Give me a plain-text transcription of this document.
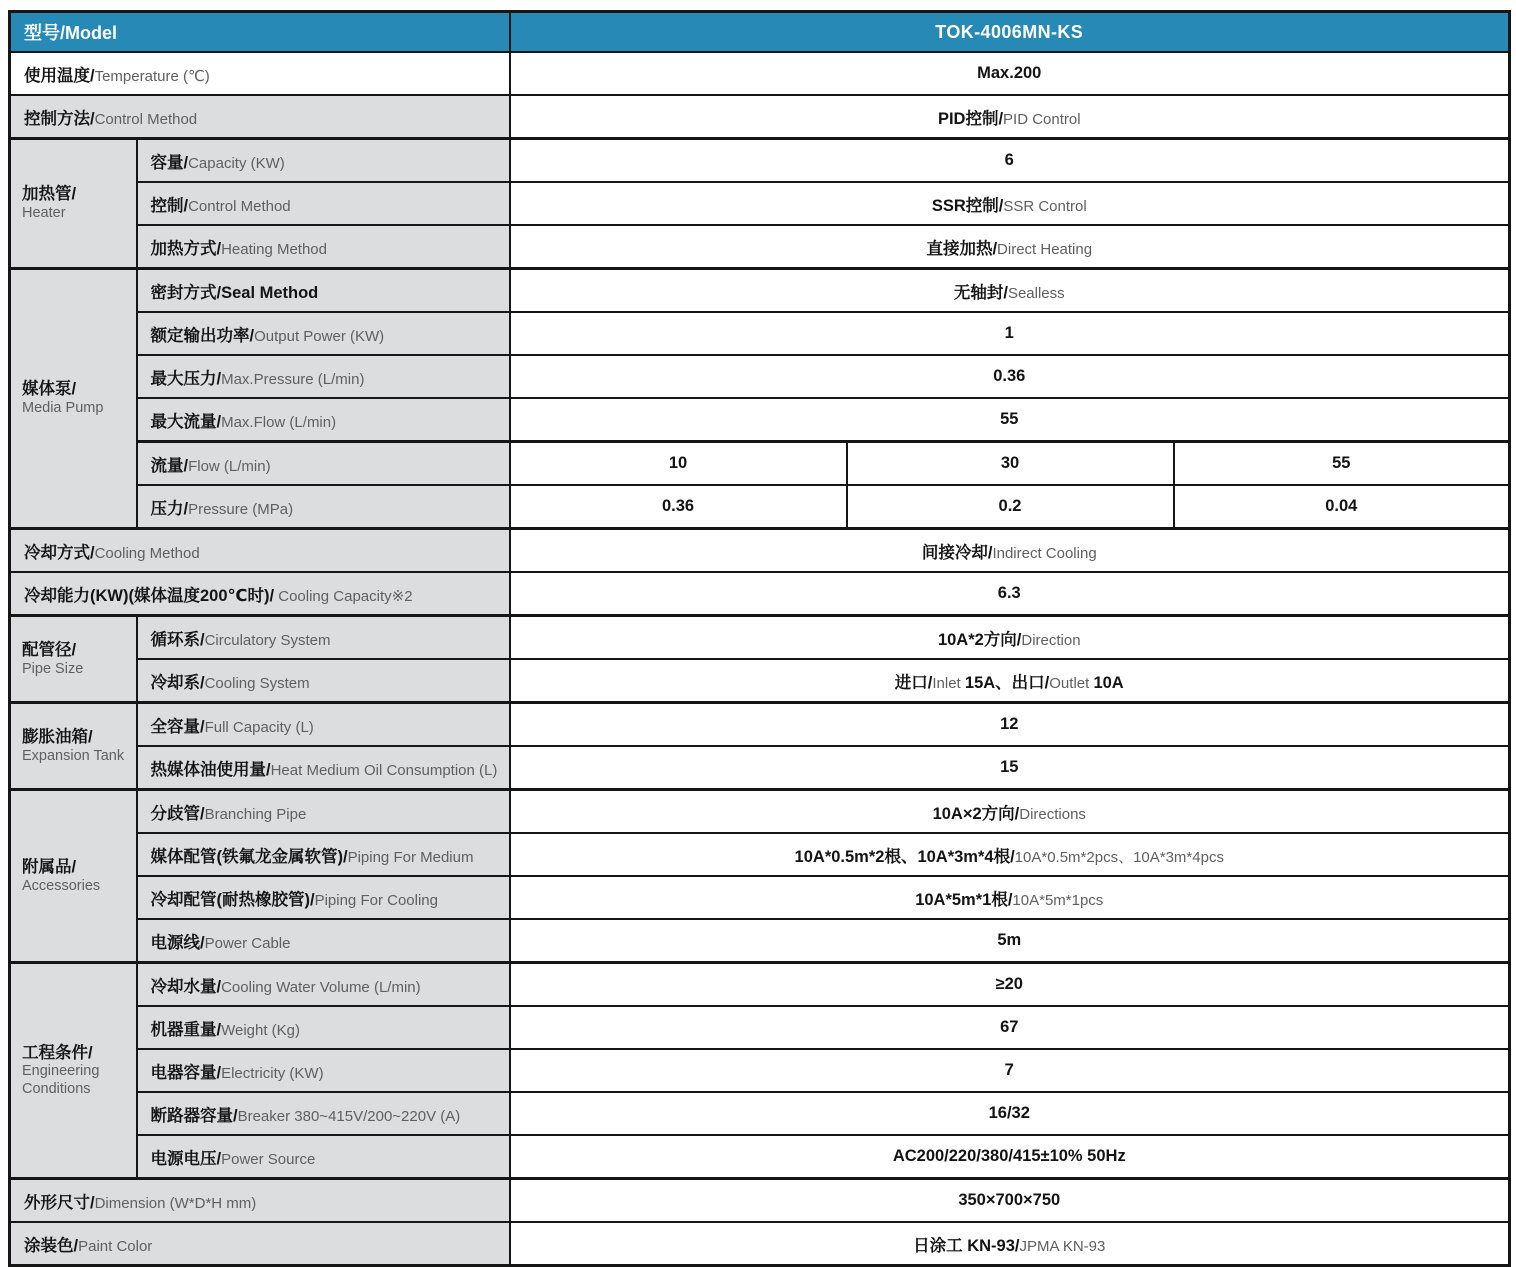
型号/Model		TOK-4006MN-KS		
使用温度/Temperature (℃)		Max.200		
控制方法/Control Method		PID控制/PID Control		

加热管/
Heater	容量/Capacity (KW)	6		
	控制/Control Method	SSR控制/SSR Control		
	加热方式/Heating Method	直接加热/Direct Heating		

媒体泵/
Media Pump	密封方式/Seal Method	无轴封/Sealless		
	额定输出功率/Output Power (KW)	1		
	最大压力/Max.Pressure (L/min)	0.36		
	最大流量/Max.Flow (L/min)	55		
	流量/Flow (L/min)	10	30	55
	压力/Pressure (MPa)	0.36	0.2	0.04
冷却方式/Cooling Method		间接冷却/Indirect Cooling		
冷却能力(KW)(媒体温度200℃时)/ Cooling Capacity※2		6.3		

配管径/
Pipe Size	循环系/Circulatory System	10A*2方向/Direction		
	冷却系/Cooling System	进口/Inlet 15A、出口/Outlet 10A		

膨胀油箱/
Expansion Tank	全容量/Full Capacity (L)	12		
	热媒体油使用量/Heat Medium Oil Consumption (L)	15		

附属品/
Accessories	分歧管/Branching Pipe	10A×2方向/Directions		
	媒体配管(铁氟龙金属软管)/Piping For Medium	10A*0.5m*2根、10A*3m*4根/10A*0.5m*2pcs、10A*3m*4pcs		
	冷却配管(耐热橡胶管)/Piping For Cooling	10A*5m*1根/10A*5m*1pcs		
	电源线/Power Cable	5m		

工程条件/
Engineering Conditions	冷却水量/Cooling Water Volume (L/min)	≥20		
	机器重量/Weight (Kg)	67		
	电器容量/Electricity (KW)	7		
	断路器容量/Breaker 380~415V/200~220V (A)	16/32		
	电源电压/Power Source	AC200/220/380/415±10% 50Hz		
外形尺寸/Dimension (W*D*H mm)		350×700×750		
涂装色/Paint Color		日涂工 KN-93/JPMA KN-93		
